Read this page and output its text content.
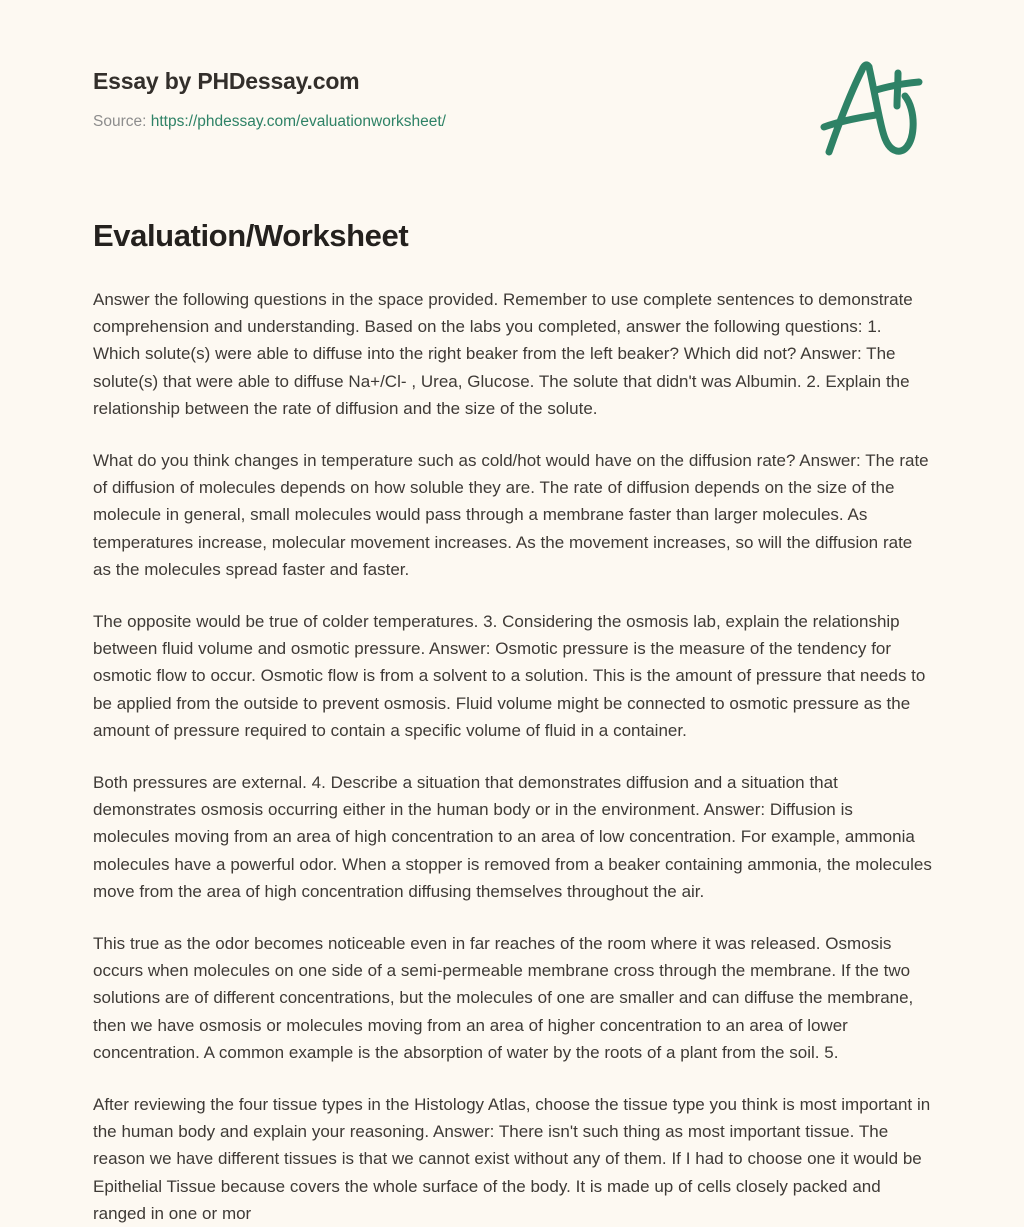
Essay by PHDessay.com
Source: https://phdessay.com/evaluationworksheet/
Evaluation/Worksheet

Answer the following questions in the space provided. Remember to use complete sentences to demonstrate comprehension and understanding. Based on the labs you completed, answer the following questions: 1. Which solute(s) were able to diffuse into the right beaker from the left beaker? Which did not? Answer: The solute(s) that were able to diffuse Na+/Cl- , Urea, Glucose. The solute that didn't was Albumin. 2. Explain the relationship between the rate of diffusion and the size of the solute.

What do you think changes in temperature such as cold/hot would have on the diffusion rate? Answer: The rate of diffusion of molecules depends on how soluble they are. The rate of diffusion depends on the size of the molecule in general, small molecules would pass through a membrane faster than larger molecules. As temperatures increase, molecular movement increases. As the movement increases, so will the diffusion rate as the molecules spread faster and faster.

The opposite would be true of colder temperatures. 3. Considering the osmosis lab, explain the relationship between fluid volume and osmotic pressure. Answer: Osmotic pressure is the measure of the tendency for osmotic flow to occur. Osmotic flow is from a solvent to a solution. This is the amount of pressure that needs to be applied from the outside to prevent osmosis. Fluid volume might be connected to osmotic pressure as the amount of pressure required to contain a specific volume of fluid in a container.

Both pressures are external. 4. Describe a situation that demonstrates diffusion and a situation that demonstrates osmosis occurring either in the human body or in the environment. Answer: Diffusion is molecules moving from an area of high concentration to an area of low concentration. For example, ammonia molecules have a powerful odor. When a stopper is removed from a beaker containing ammonia, the molecules move from the area of high concentration diffusing themselves throughout the air.

This true as the odor becomes noticeable even in far reaches of the room where it was released. Osmosis occurs when molecules on one side of a semi-permeable membrane cross through the membrane. If the two solutions are of different concentrations, but the molecules of one are smaller and can diffuse the membrane, then we have osmosis or molecules moving from an area of higher concentration to an area of lower concentration. A common example is the absorption of water by the roots of a plant from the soil. 5.

After reviewing the four tissue types in the Histology Atlas, choose the tissue type you think is most important in the human body and explain your reasoning. Answer: There isn't such thing as most important tissue. The reason we have different tissues is that we cannot exist without any of them. If I had to choose one it would be Epithelial Tissue because covers the whole surface of the body. It is made up of cells closely packed and ranged in one or mor
